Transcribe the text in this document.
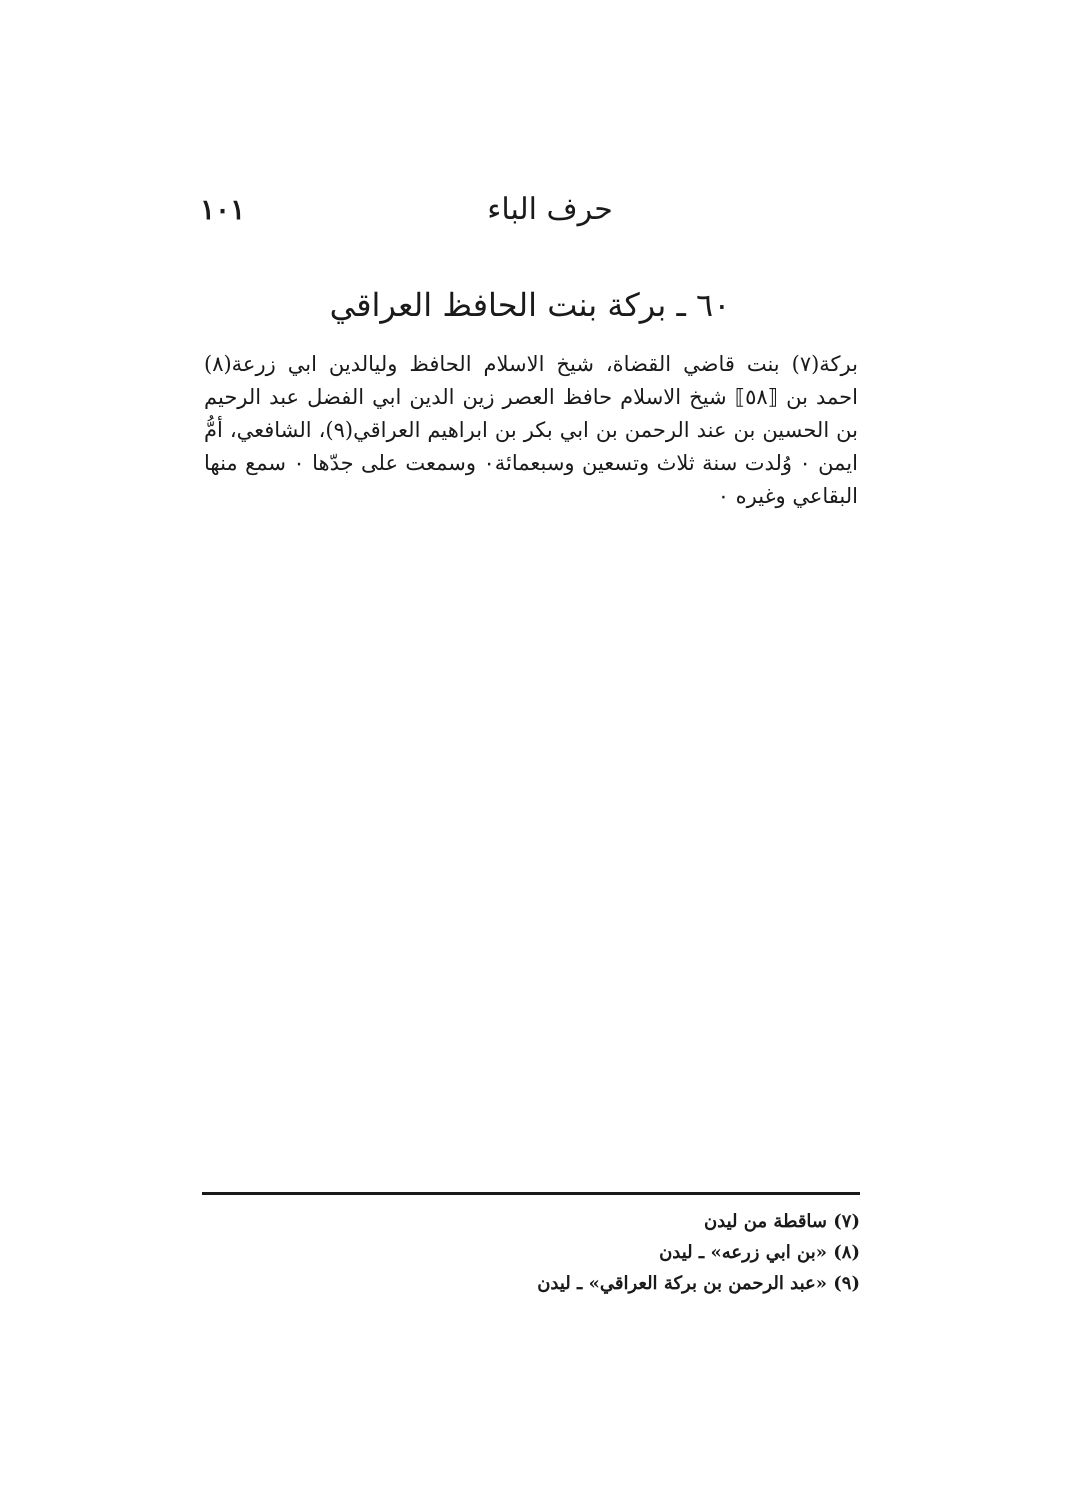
حرف الباء
١٠١
٦٠ ـ بركة بنت الحافظ العراقي

بركة(٧) بنت قاضي القضاة، شيخ الاسلام الحافظ وليالدين ابي زرعة(٨) احمد بن ⟦٥٨⟧ شيخ الاسلام حافظ العصر زين الدين ابي الفضل عبد الرحيم بن الحسين بن عند الرحمن بن ابي بكر بن ابراهيم العراقي(٩)، الشافعي، أمُّ ايمن ٠ وُلدت سنة ثلاث وتسعين وسبعمائة٠ وسمعت على جدّها ٠ سمع منها البقاعي وغيره ٠

(٧) ساقطة من ليدن
(٨) «بن ابي زرعه» ـ ليدن
(٩) «عبد الرحمن بن بركة العراقي» ـ ليدن
